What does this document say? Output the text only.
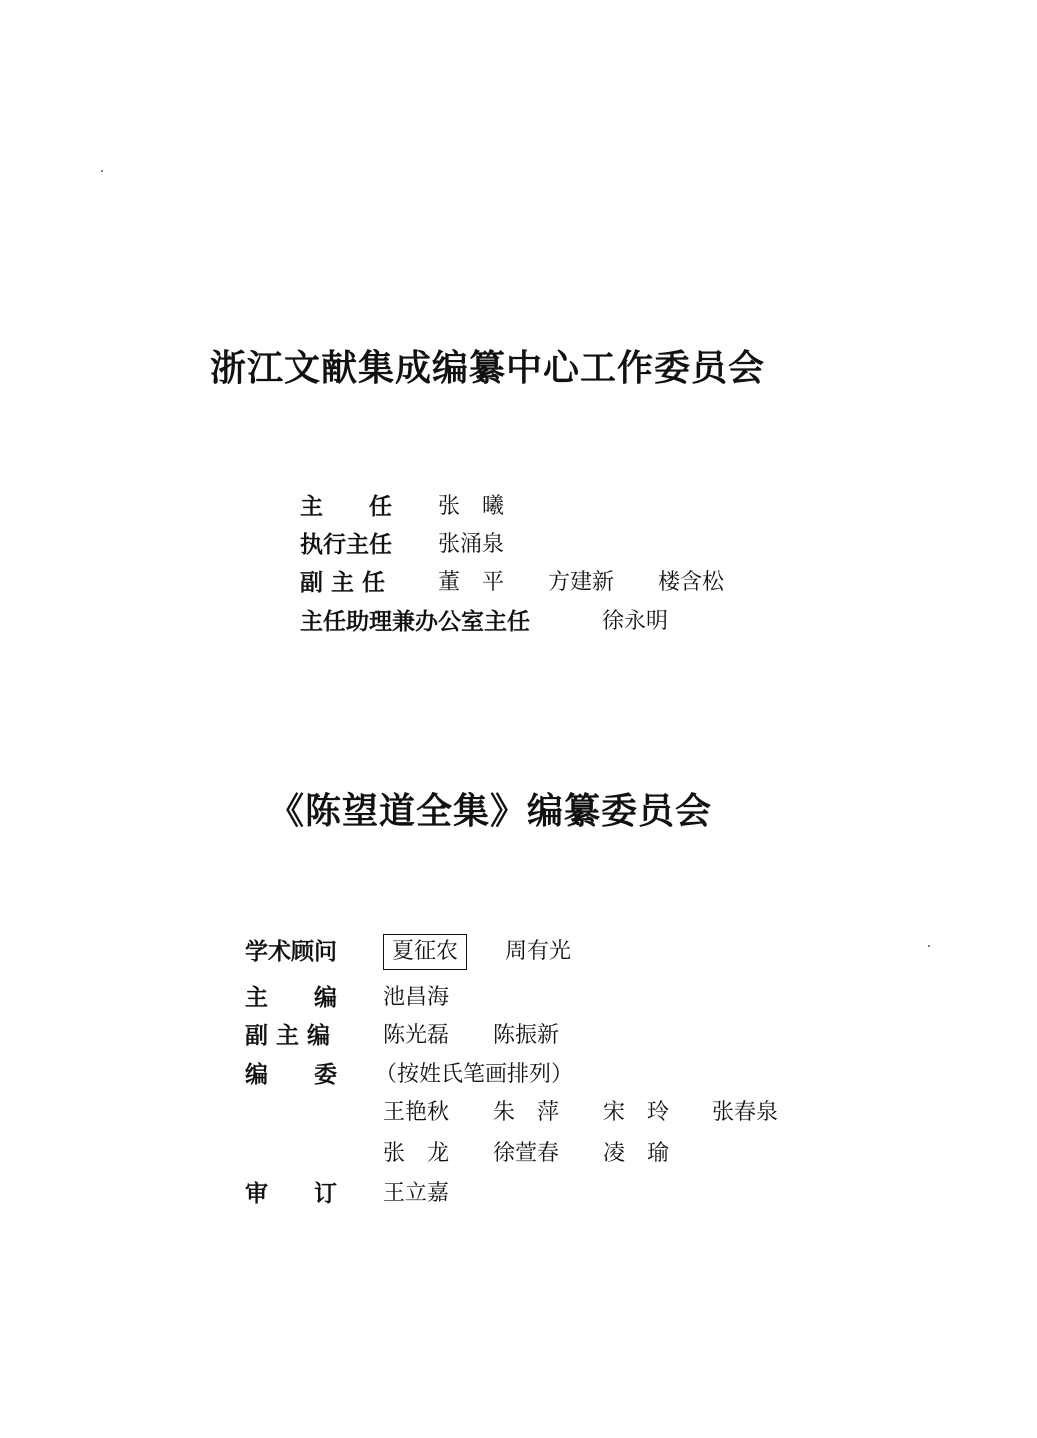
浙江文献集成编纂中心工作委员会
主　　任 张　曦
执行主任 张涌泉
副 主 任 董　平 方建新 楼含松
主任助理兼办公室主任	徐永明
《陈望道全集》编纂委员会
学术顾问	夏征农	周有光
主　　编 池昌海
副 主 编 陈光磊 陈振新
编　　委 （按姓氏笔画排列）
王艳秋 朱　萍 宋　玲 张春泉
张　龙 徐萱春 凌　瑜
审　　订 王立嘉
